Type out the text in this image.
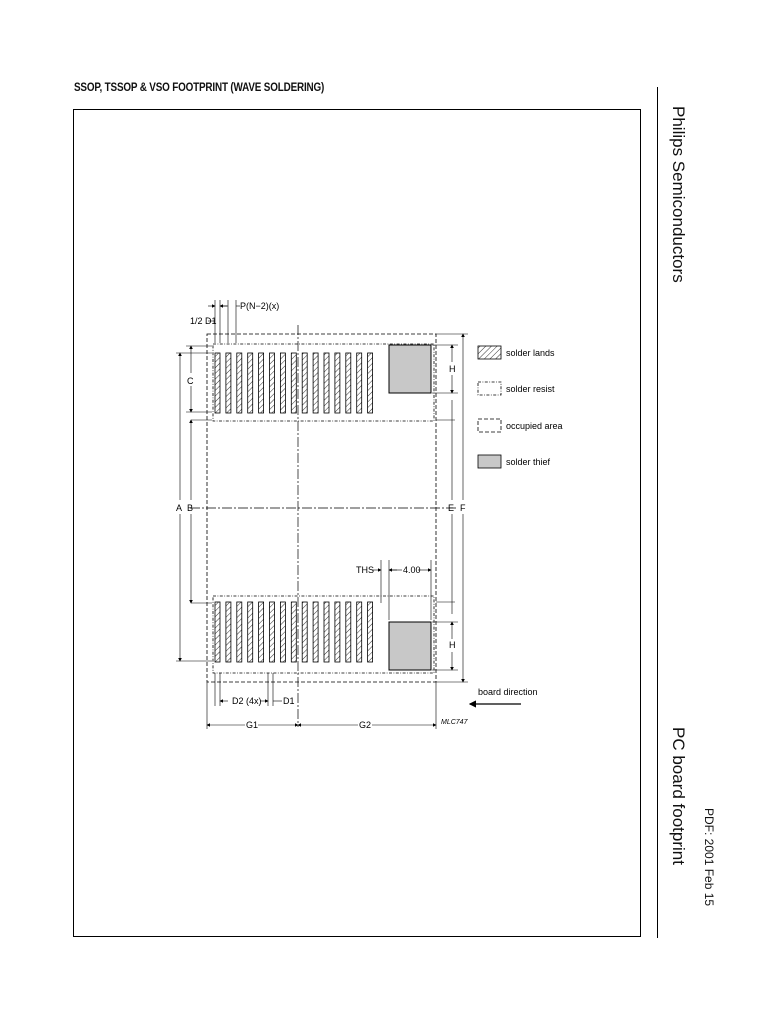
SSOP, TSSOP & VSO FOOTPRINT (WAVE SOLDERING)
Philips Semiconductors
PC board footprint PDF: 2001 Feb 15
P(N−2)(x)
1/2 D1
C
A B
H
H
E F
THS	4.00
D2 (4x) D1
G1	G2	MLC747
board direction
solder lands
solder resist
occupied area
solder thief
